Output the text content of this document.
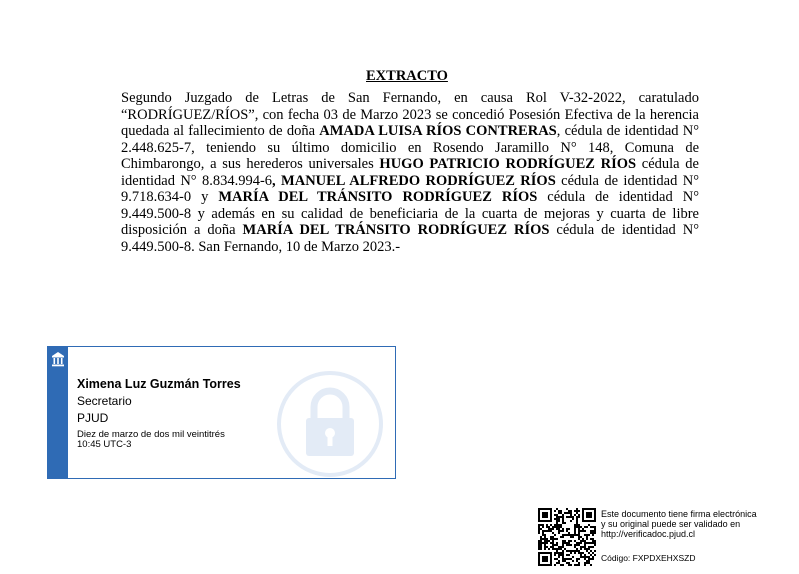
EXTRACTO
Segundo Juzgado de Letras de San Fernando, en causa Rol V-32-2022, caratulado “RODRÍGUEZ/RÍOS”, con fecha 03 de Marzo 2023 se concedió Posesión Efectiva de la herencia quedada al fallecimiento de doña AMADA LUISA RÍOS CONTRERAS, cédula de identidad N° 2.448.625-7, teniendo su último domicilio en Rosendo Jaramillo N° 148, Comuna de Chimbarongo, a sus herederos universales HUGO PATRICIO RODRÍGUEZ RÍOS cédula de identidad N° 8.834.994-6, MANUEL ALFREDO RODRÍGUEZ RÍOS cédula de identidad N° 9.718.634-0 y MARÍA DEL TRÁNSITO RODRÍGUEZ RÍOS cédula de identidad N° 9.449.500-8 y además en su calidad de beneficiaria de la cuarta de mejoras y cuarta de libre disposición a doña MARÍA DEL TRÁNSITO RODRÍGUEZ RÍOS cédula de identidad N° 9.449.500-8. San Fernando, 10 de Marzo 2023.-
Ximena Luz Guzmán Torres
Secretario
PJUD
Diez de marzo de dos mil veintitrés
10:45 UTC-3
Este documento tiene firma electrónica
y su original puede ser validado en
http://verificadoc.pjud.cl
Código: FXPDXEHXSZD
